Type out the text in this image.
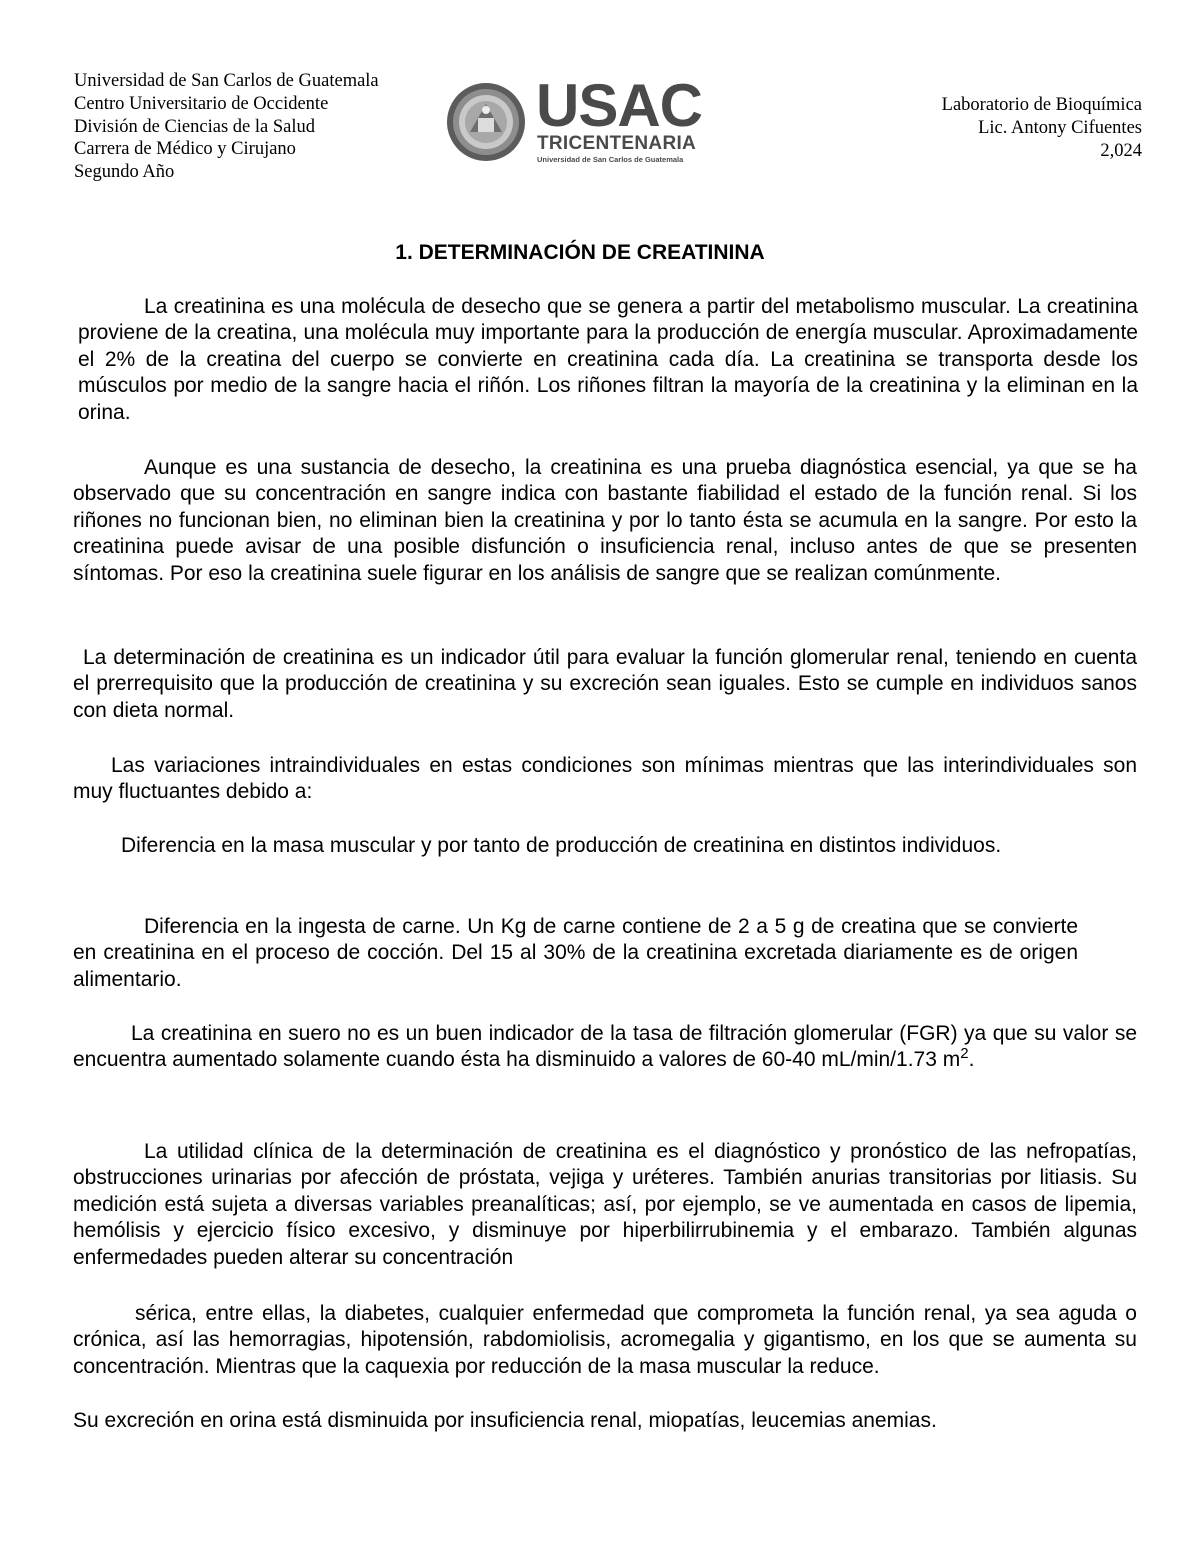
Universidad de San Carlos de Guatemala
Centro Universitario de Occidente
División de Ciencias de la Salud
Carrera de Médico y Cirujano
Segundo Año
USAC
TRICENTENARIA
Universidad de San Carlos de Guatemala
Laboratorio de Bioquímica
Lic. Antony Cifuentes
2,024
1. DETERMINACIÓN DE CREATININA

La creatinina es una molécula de desecho que se genera a partir del metabolismo muscular. La creatinina proviene de la creatina, una molécula muy importante para la producción de energía muscular. Aproximadamente el 2% de la creatina del cuerpo se convierte en creatinina cada día. La creatinina se transporta desde los músculos por medio de la sangre hacia el riñón. Los riñones filtran la mayoría de la creatinina y la eliminan en la orina.

Aunque es una sustancia de desecho, la creatinina es una prueba diagnóstica esencial, ya que se ha observado que su concentración en sangre indica con bastante fiabilidad el estado de la función renal. Si los riñones no funcionan bien, no eliminan bien la creatinina y por lo tanto ésta se acumula en la sangre. Por esto la creatinina puede avisar de una posible disfunción o insuficiencia renal, incluso antes de que se presenten síntomas. Por eso la creatinina suele figurar en los análisis de sangre que se realizan comúnmente.

La determinación de creatinina es un indicador útil para evaluar la función glomerular renal, teniendo en cuenta el prerrequisito que la producción de creatinina y su excreción sean iguales. Esto se cumple en individuos sanos con dieta normal.

Las variaciones intraindividuales en estas condiciones son mínimas mientras que las interindividuales son muy fluctuantes debido a:

Diferencia en la masa muscular y por tanto de producción de creatinina en distintos individuos.

Diferencia en la ingesta de carne. Un Kg de carne contiene de 2 a 5 g de creatina que se convierte en creatinina en el proceso de cocción. Del 15 al 30% de la creatinina excretada diariamente es de origen alimentario.

La creatinina en suero no es un buen indicador de la tasa de filtración glomerular (FGR) ya que su valor se encuentra aumentado solamente cuando ésta ha disminuido a valores de 60-40 mL/min/1.73 $m^2$.

La utilidad clínica de la determinación de creatinina es el diagnóstico y pronóstico de las nefropatías, obstrucciones urinarias por afección de próstata, vejiga y uréteres. También anurias transitorias por litiasis. Su medición está sujeta a diversas variables preanalíticas; así, por ejemplo, se ve aumentada en casos de lipemia, hemólisis y ejercicio físico excesivo, y disminuye por hiperbilirrubinemia y el embarazo. También algunas enfermedades pueden alterar su concentración

sérica, entre ellas, la diabetes, cualquier enfermedad que comprometa la función renal, ya sea aguda o crónica, así las hemorragias, hipotensión, rabdomiolisis, acromegalia y gigantismo, en los que se aumenta su concentración. Mientras que la caquexia por reducción de la masa muscular la reduce.

Su excreción en orina está disminuida por insuficiencia renal, miopatías, leucemias anemias.
